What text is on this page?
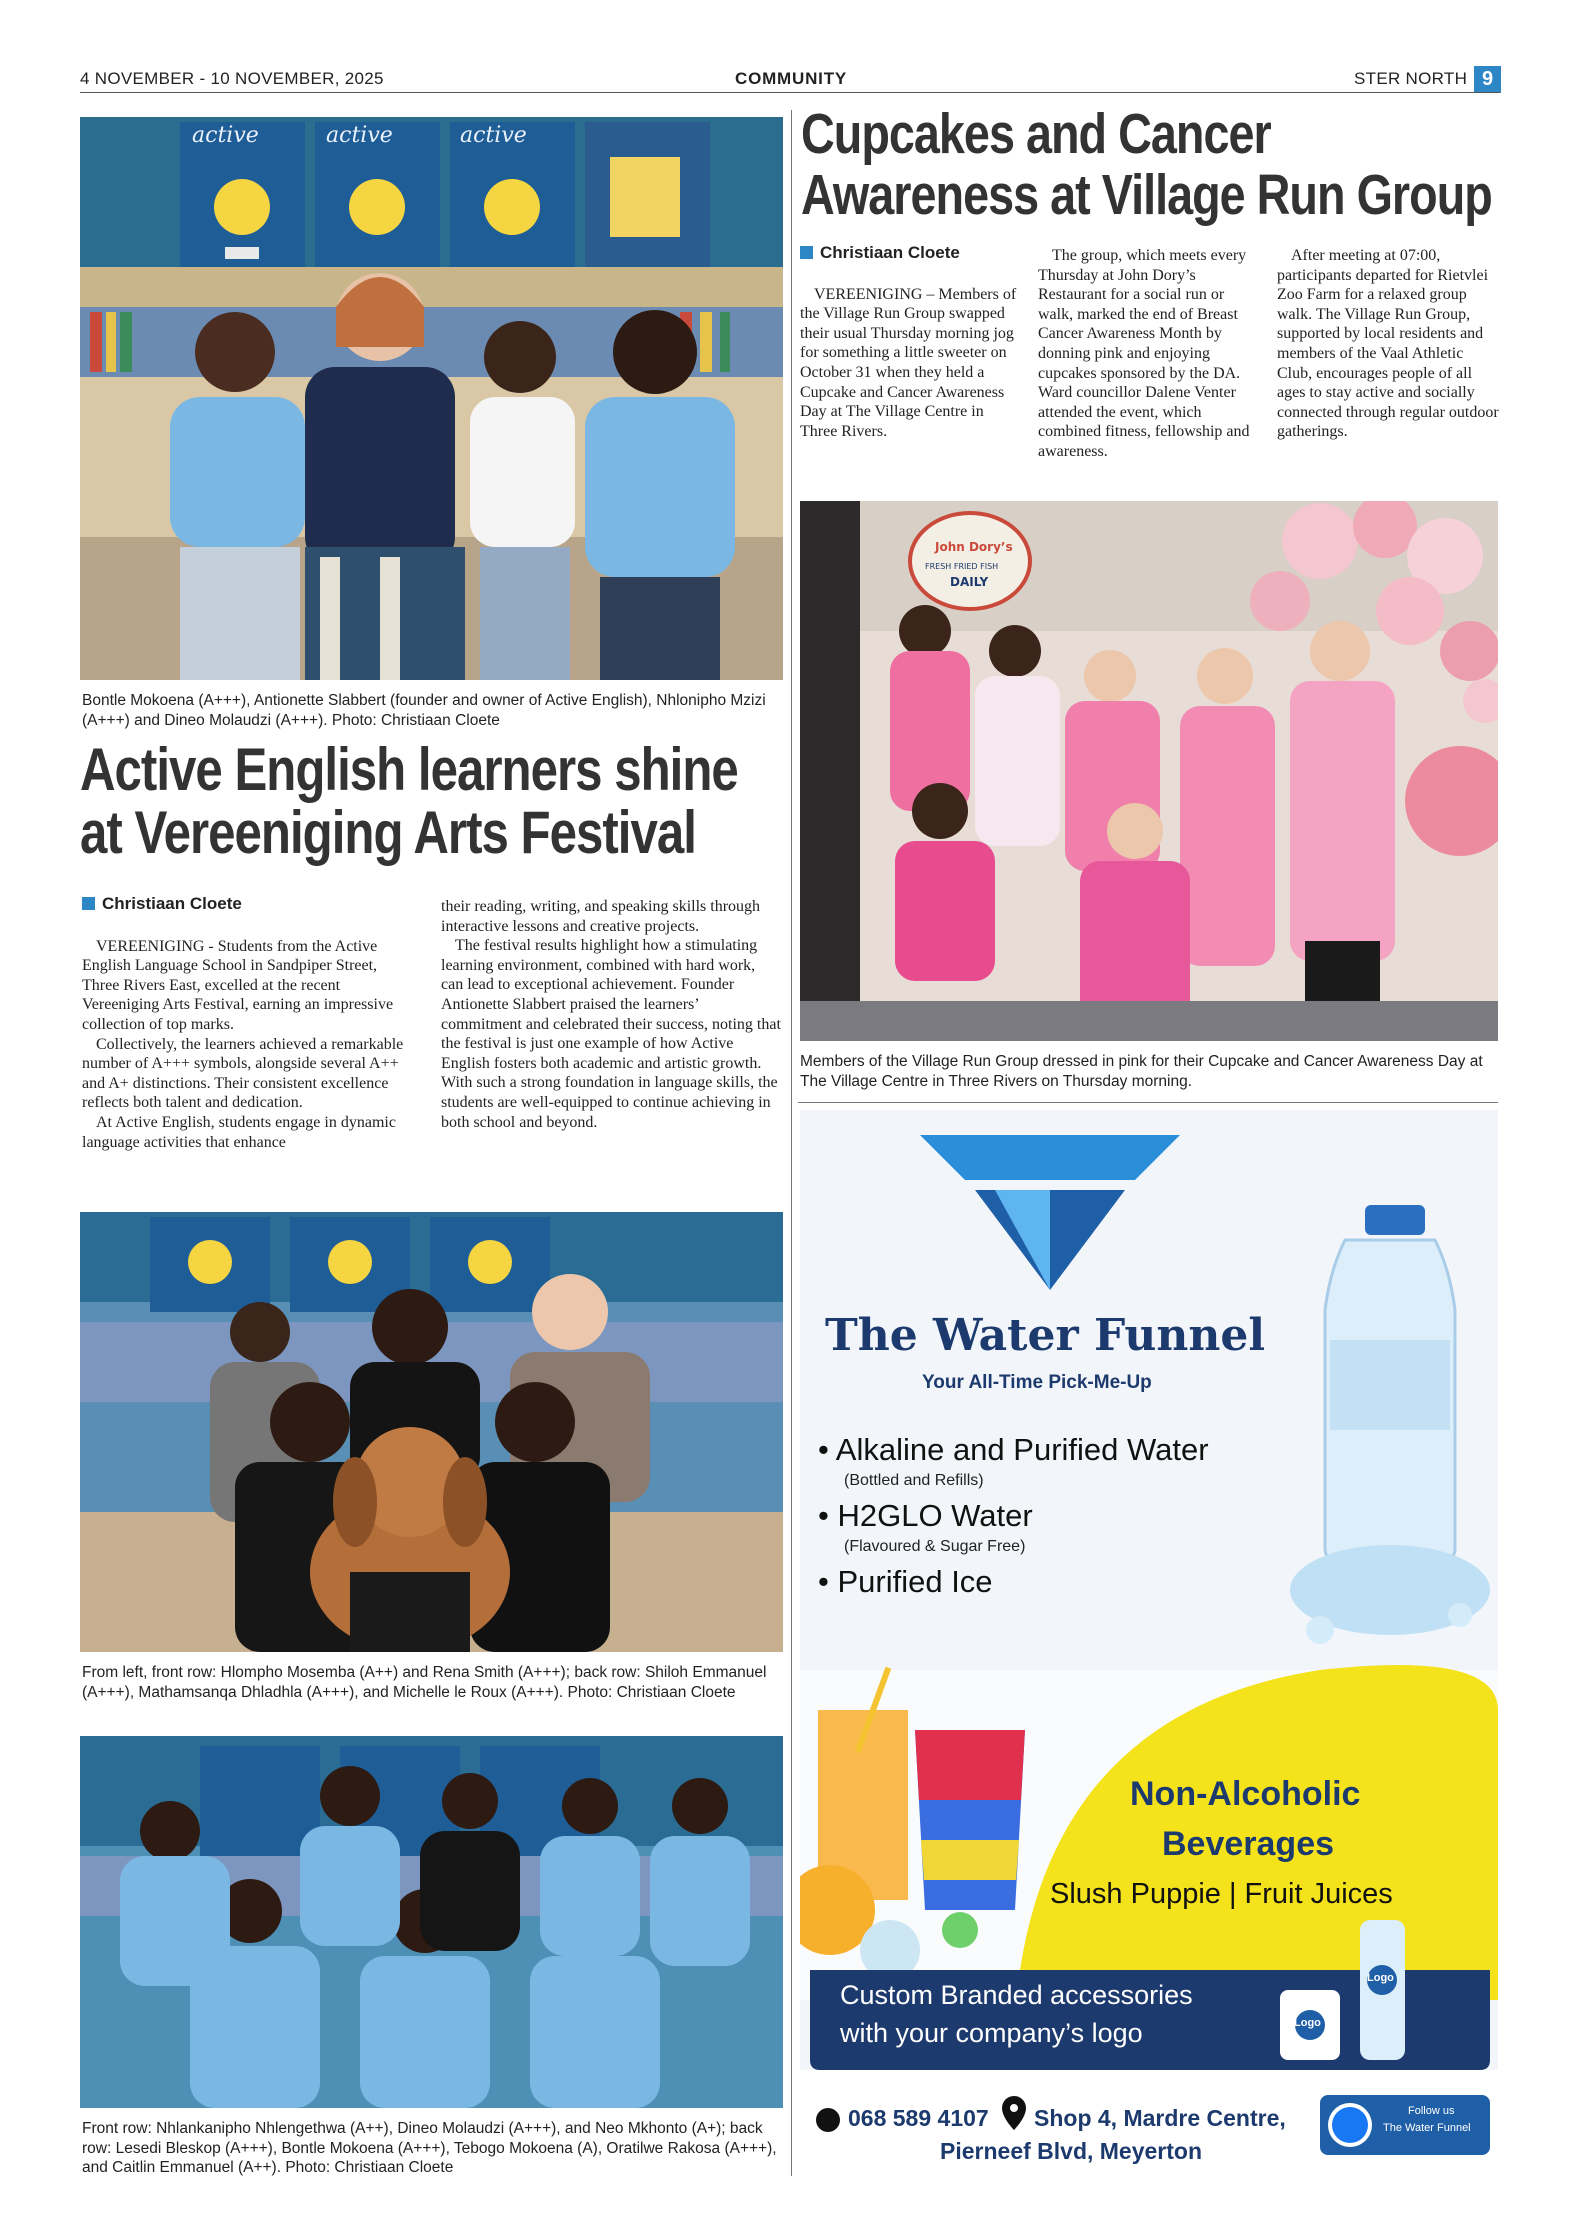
4 NOVEMBER - 10 NOVEMBER, 2025	COMMUNITY	STER NORTH 9
active	active	active
Bontle Mokoena (A+++), Antionette Slabbert (founder and owner of Active English), Nhlonipho Mzizi (A+++) and Dineo Molaudzi (A+++). Photo: Christiaan Cloete
Active English learners shine
at Vereeniging Arts Festival
Christiaan Cloete

VEREENIGING - Students from the Active English Language School in Sandpiper Street, Three Rivers East, excelled at the recent Vereeniging Arts Festival, earning an impressive collection of top marks.

Collectively, the learners achieved a remarkable number of A+++ symbols, alongside several A++ and A+ distinctions. Their consistent excellence reflects both talent and dedication.

At Active English, students engage in dynamic language activities that enhance

their reading, writing, and speaking skills through interactive lessons and creative projects.

The festival results highlight how a stimulating learning environment, combined with hard work, can lead to exceptional achievement. Founder Antionette Slabbert praised the learners’ commitment and celebrated their success, noting that the festival is just one example of how Active English fosters both academic and artistic growth. With such a strong foundation in language skills, the students are well-equipped to continue achieving in both school and beyond.

From left, front row: Hlompho Mosemba (A++) and Rena Smith (A+++); back row: Shiloh Emmanuel (A+++), Mathamsanqa Dhladhla (A+++), and Michelle le Roux (A+++). Photo: Christiaan Cloete
Front row: Nhlankanipho Nhlengethwa (A++), Dineo Molaudzi (A+++), and Neo Mkhonto (A+); back row: Lesedi Bleskop (A+++), Bontle Mokoena (A+++), Tebogo Mokoena (A), Oratilwe Rakosa (A+++), and Caitlin Emmanuel (A++). Photo: Christiaan Cloete
Cupcakes and Cancer
Awareness at Village Run Group
Christiaan Cloete

VEREENIGING – Members of the Village Run Group swapped their usual Thursday morning jog for something a little sweeter on October 31 when they held a Cupcake and Cancer Awareness Day at The Village Centre in Three Rivers.

The group, which meets every Thursday at John Dory’s Restaurant for a social run or walk, marked the end of Breast Cancer Awareness Month by donning pink and enjoying cupcakes sponsored by the DA. Ward councillor Dalene Venter attended the event, which combined fitness, fellowship and awareness.

After meeting at 07:00, participants departed for Rietvlei Zoo Farm for a relaxed group walk. The Village Run Group, supported by local residents and members of the Vaal Athletic Club, encourages people of all ages to stay active and socially connected through regular outdoor gatherings.

John Dory’s
FRESH FRIED FISH
DAILY
Members of the Village Run Group dressed in pink for their Cupcake and Cancer Awareness Day at The Village Centre in Three Rivers on Thursday morning.
The Water Funnel
Your All-Time Pick-Me-Up
• Alkaline and Purified Water
(Bottled and Refills)
• H2GLO Water
(Flavoured & Sugar Free)
• Purified Ice
Non-Alcoholic
Beverages
Slush Puppie | Fruit Juices
Custom Branded accessories
with your company’s logo	Logo
Logo
068 589 4107 Shop 4, Mardre Centre,
Pierneef Blvd, Meyerton
Follow us
The Water Funnel
